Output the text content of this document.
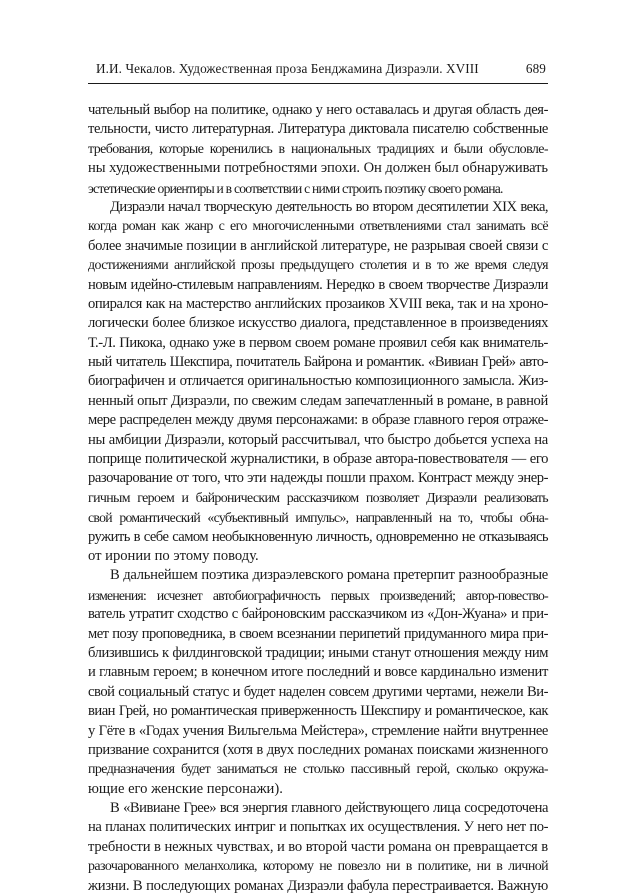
И.И. Чекалов. Художественная проза Бенджамина Дизраэли. XVIII	689
чательный выбор на политике, однако у него оставалась и другая область дея-
тельности, чисто литературная. Литература диктовала писателю собственные
требования, которые коренились в национальных традициях и были обусловле-
ны художественными потребностями эпохи. Он должен был обнаруживать
эстетические ориентиры и в соответствии с ними строить поэтику своего романа.
Дизраэли начал творческую деятельность во втором десятилетии XIX века,
когда роман как жанр с его многочисленными ответвлениями стал занимать всё
более значимые позиции в английской литературе, не разрывая своей связи с
достижениями английской прозы предыдущего столетия и в то же время следуя
новым идейно-стилевым направлениям. Нередко в своем творчестве Дизраэли
опирался как на мастерство английских прозаиков XVIII века, так и на хроно-
логически более близкое искусство диалога, представленное в произведениях
Т.-Л. Пикока, однако уже в первом своем романе проявил себя как вниматель-
ный читатель Шекспира, почитатель Байрона и романтик. «Вивиан Грей» авто-
биографичен и отличается оригинальностью композиционного замысла. Жиз-
ненный опыт Дизраэли, по свежим следам запечатленный в романе, в равной
мере распределен между двумя персонажами: в образе главного героя отраже-
ны амбиции Дизраэли, который рассчитывал, что быстро добьется успеха на
поприще политической журналистики, в образе автора-повествователя — его
разочарование от того, что эти надежды пошли прахом. Контраст между энер-
гичным героем и байроническим рассказчиком позволяет Дизраэли реализовать
свой романтический «субъективный импульс», направленный на то, чтобы обна-
ружить в себе самом необыкновенную личность, одновременно не отказываясь
от иронии по этому поводу.
В дальнейшем поэтика дизраэлевского романа претерпит разнообразные
изменения: исчезнет автобиографичность первых произведений; автор-повество-
ватель утратит сходство с байроновским рассказчиком из «Дон-Жуана» и при-
мет позу проповедника, в своем всезнании перипетий придуманного мира при-
близившись к филдинговской традиции; иными станут отношения между ним
и главным героем; в конечном итоге последний и вовсе кардинально изменит
свой социальный статус и будет наделен совсем другими чертами, нежели Ви-
виан Грей, но романтическая приверженность Шекспиру и романтическое, как
у Гёте в «Годах учения Вильгельма Мейстера», стремление найти внутреннее
призвание сохранится (хотя в двух последних романах поисками жизненного
предназначения будет заниматься не столько пассивный герой, сколько окружа-
ющие его женские персонажи).
В «Вивиане Грее» вся энергия главного действующего лица сосредоточена
на планах политических интриг и попытках их осуществления. У него нет по-
требности в нежных чувствах, и во второй части романа он превращается в
разочарованного меланхолика, которому не повезло ни в политике, ни в личной
жизни. В последующих романах Дизраэли фабула перестраивается. Важную
